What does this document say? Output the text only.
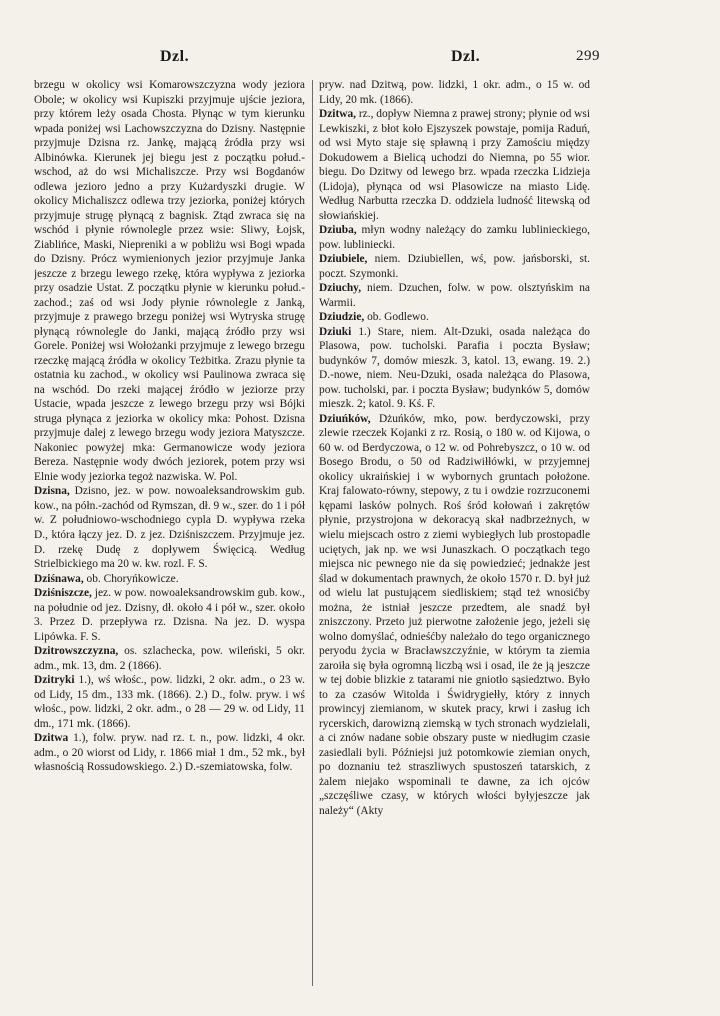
Dzl.	Dzl.	299

brzegu w okolicy wsi Komarowszczyzna wody jeziora Obole; w okolicy wsi Kupiszki przyjmuje ujście jeziora, przy którem leży osada Chosta. Płynąc w tym kierunku wpada poniżej wsi Lachowszczyzna do Dzisny. Następnie przyjmuje Dzisna rz. Jankę, mającą źródła przy wsi Albinówka. Kierunek jej biegu jest z początku połud.-wschod, aż do wsi Michaliszcze. Przy wsi Bogdanów odlewa jezioro jedno a przy Kużardyszki drugie. W okolicy Michaliszcz odlewa trzy jeziorka, poniżej których przyjmuje strugę płynącą z bagnisk. Ztąd zwraca się na wschód i płynie równolegle przez wsie: Sliwy, Łojsk, Ziablińce, Maski, Niepreniki a w pobliżu wsi Bogi wpada do Dzisny. Prócz wymienionych jezior przyjmuje Janka jeszcze z brzegu lewego rzekę, która wypływa z jeziorka przy osadzie Ustat. Z początku płynie w kierunku połud.-zachod.; zaś od wsi Jody płynie równolegle z Janką, przyjmuje z prawego brzegu poniżej wsi Wytryska strugę płynącą równolegle do Janki, mającą źródło przy wsi Gorele. Poniżej wsi Wołożanki przyjmuje z lewego brzegu rzeczkę mającą źródła w okolicy Teżbitka. Zrazu płynie ta ostatnia ku zachod., w okolicy wsi Paulinowa zwraca się na wschód. Do rzeki mającej źródło w jeziorze przy Ustacie, wpada jeszcze z lewego brzegu przy wsi Bójki struga płynąca z jeziorka w okolicy mka: Pohost. Dzisna przyjmuje dalej z lewego brzegu wody jeziora Matyszcze. Nakoniec powyżej mka: Germanowicze wody jeziora Bereza. Następnie wody dwóch jeziorek, potem przy wsi Elnie wody jeziorka tegoż nazwiska. W. Pol.

Dzisna, Dzisno, jez. w pow. nowoaleksandrowskim gub. kow., na półn.-zachód od Rymszan, dł. 9 w., szer. do 1 i pół w. Z południowo-wschodniego cypla D. wypływa rzeka D., która łączy jez. D. z jez. Dziśniszczem. Przyjmuje jez. D. rzekę Dudę z dopływem Święcicą. Według Strielbickiego ma 20 w. kw. rozl. F. S.

Dziśnawa, ob. Choryńkowicze.

Dziśniszcze, jez. w pow. nowoaleksandrowskim gub. kow., na południe od jez. Dzisny, dł. około 4 i pół w., szer. około 3. Przez D. przepływa rz. Dzisna. Na jez. D. wyspa Lipówka. F. S.

Dzitrowszczyzna, os. szlachecka, pow. wileński, 5 okr. adm., mk. 13, dm. 2 (1866).

Dzitryki 1.), wś włośc., pow. lidzki, 2 okr. adm., o 23 w. od Lidy, 15 dm., 133 mk. (1866). 2.) D., folw. pryw. i wś włośc., pow. lidzki, 2 okr. adm., o 28 — 29 w. od Lidy, 11 dm., 171 mk. (1866).

Dzitwa 1.), folw. pryw. nad rz. t. n., pow. lidzki, 4 okr. adm., o 20 wiorst od Lidy, r. 1866 miał 1 dm., 52 mk., był własnością Rossudowskiego. 2.) D.-szemiatowska, folw.

pryw. nad Dzitwą, pow. lidzki, 1 okr. adm., o 15 w. od Lidy, 20 mk. (1866).

Dzitwa, rz., dopływ Niemna z prawej strony; płynie od wsi Lewkiszki, z błot koło Ejszyszek powstaje, pomija Raduń, od wsi Myto staje się spławną i przy Zamościu między Dokudowem a Bielicą uchodzi do Niemna, po 55 wior. biegu. Do Dzitwy od lewego brz. wpada rzeczka Lidzieja (Lidoja), płynąca od wsi Plasowicze na miasto Lidę. Według Narbutta rzeczka D. oddziela ludność litewską od słowiańskiej.

Dziuba, młyn wodny należący do zamku lublinieckiego, pow. lubliniecki.

Dziubiele, niem. Dziubiellen, wś, pow. jańsborski, st. poczt. Szymonki.

Dziuchy, niem. Dzuchen, folw. w pow. olsztyńskim na Warmii.

Dziudzie, ob. Godlewo.

Dziuki 1.) Stare, niem. Alt-Dzuki, osada należąca do Plasowa, pow. tucholski. Parafia i poczta Bysław; budynków 7, domów mieszk. 3, katol. 13, ewang. 19. 2.) D.-nowe, niem. Neu-Dzuki, osada należąca do Plasowa, pow. tucholski, par. i poczta Bysław; budynków 5, domów mieszk. 2; katol. 9. Kś. F.

Dziuńków, Dżuńków, mko, pow. berdyczowski, przy zlewie rzeczek Kojanki z rz. Rosią, o 180 w. od Kijowa, o 60 w. od Berdyczowa, o 12 w. od Pohrebyszcz, o 10 w. od Bosego Brodu, o 50 od Radziwiłłówki, w przyjemnej okolicy ukraińskiej i w wybornych gruntach położone. Kraj falowato-równy, stepowy, z tu i owdzie rozrzuconemi kępami lasków polnych. Roś śród kołowań i zakrętów płynie, przystrojona w dekoracyą skał nadbrzeżnych, w wielu miejscach ostro z ziemi wybiegłych lub prostopadle uciętych, jak np. we wsi Junaszkach. O początkach tego miejsca nic pewnego nie da się powiedzieć; jednakże jest ślad w dokumentach prawnych, że około 1570 r. D. był już od wielu lat pustującem siedliskiem; stąd też wnosićby można, że istniał jeszcze przedtem, ale snadź był zniszczony. Przeto już pierwotne założenie jego, jeżeli się wolno domyślać, odnieśćby należało do tego organicznego peryodu życia w Bracławszczyźnie, w którym ta ziemia zaroiła się była ogromną liczbą wsi i osad, ile że ją jeszcze w tej dobie blizkie z tatarami nie gniotło sąsiedztwo. Było to za czasów Witolda i Świdrygiełły, który z innych prowincyj ziemianom, w skutek pracy, krwi i zasług ich rycerskich, darowizną ziemską w tych stronach wydzielali, a ci znów nadane sobie obszary puste w niedługim czasie zasiedlali byli. Późniejsi już potomkowie ziemian onych, po doznaniu też straszliwych spustoszeń tatarskich, z żalem niejako wspominali te dawne, za ich ojców „szczęśliwe czasy, w których włości byłyjeszcze jak należy“ (Akty
